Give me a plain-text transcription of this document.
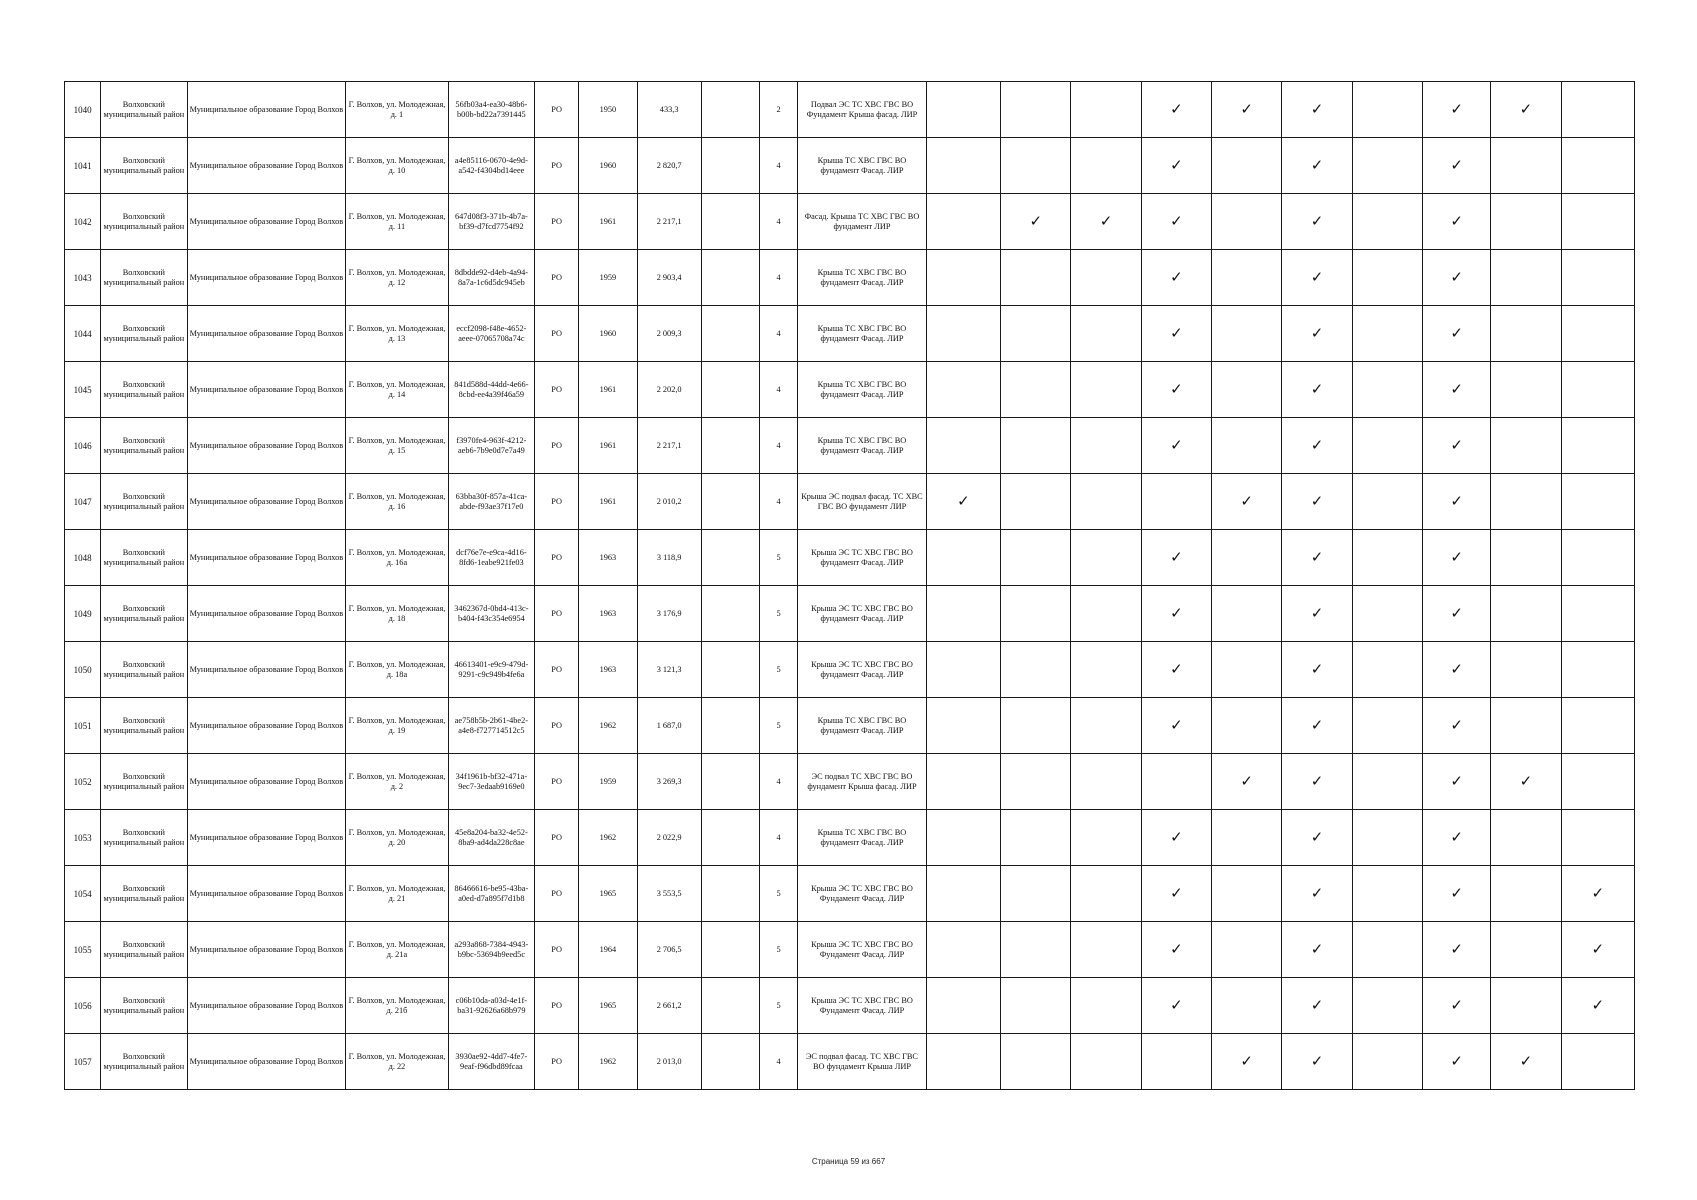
1040	Волховский муниципальный район	Муниципальное образование Город Волхов	Г. Волхов, ул. Молодежная, д. 1	56fb03a4-ea30-48b6-b00b-bd22a7391445	РО	1950	433,3		2	Подвал ЭС ТС ХВС ГВС ВО Фундамент Крыша фасад. ЛИР				✓	✓	✓		✓	✓	
1041	Волховский муниципальный район	Муниципальное образование Город Волхов	Г. Волхов, ул. Молодежная, д. 10	a4e85116-0670-4e9d-a542-f4304bd14eee	РО	1960	2 820,7		4	Крыша ТС ХВС ГВС ВО фундамент Фасад. ЛИР				✓		✓		✓		
1042	Волховский муниципальный район	Муниципальное образование Город Волхов	Г. Волхов, ул. Молодежная, д. 11	647d08f3-371b-4b7a-bf39-d7fcd7754f92	РО	1961	2 217,1		4	Фасад. Крыша ТС ХВС ГВС ВО фундамент ЛИР		✓	✓	✓		✓		✓		
1043	Волховский муниципальный район	Муниципальное образование Город Волхов	Г. Волхов, ул. Молодежная, д. 12	8dbdde92-d4eb-4a94-8a7a-1c6d5dc945eb	РО	1959	2 903,4		4	Крыша ТС ХВС ГВС ВО фундамент Фасад. ЛИР				✓		✓		✓		
1044	Волховский муниципальный район	Муниципальное образование Город Волхов	Г. Волхов, ул. Молодежная, д. 13	eccf2098-f48e-4652-aeee-07065708a74c	РО	1960	2 009,3		4	Крыша ТС ХВС ГВС ВО фундамент Фасад. ЛИР				✓		✓		✓		
1045	Волховский муниципальный район	Муниципальное образование Город Волхов	Г. Волхов, ул. Молодежная, д. 14	841d588d-44dd-4e66-8cbd-ee4a39f46a59	РО	1961	2 202,0		4	Крыша ТС ХВС ГВС ВО фундамент Фасад. ЛИР				✓		✓		✓		
1046	Волховский муниципальный район	Муниципальное образование Город Волхов	Г. Волхов, ул. Молодежная, д. 15	f3970fe4-963f-4212-aeb6-7b9e0d7e7a49	РО	1961	2 217,1		4	Крыша ТС ХВС ГВС ВО фундамент Фасад. ЛИР				✓		✓		✓		
1047	Волховский муниципальный район	Муниципальное образование Город Волхов	Г. Волхов, ул. Молодежная, д. 16	63bba30f-857a-41ca-abde-f93ae37f17e0	РО	1961	2 010,2		4	Крыша ЭС подвал фасад. ТС ХВС ГВС ВО фундамент ЛИР	✓				✓	✓		✓		
1048	Волховский муниципальный район	Муниципальное образование Город Волхов	Г. Волхов, ул. Молодежная, д. 16а	dcf76e7e-e9ca-4d16-8fd6-1eabe921fe03	РО	1963	3 118,9		5	Крыша ЭС ТС ХВС ГВС ВО фундамент Фасад. ЛИР				✓		✓		✓		
1049	Волховский муниципальный район	Муниципальное образование Город Волхов	Г. Волхов, ул. Молодежная, д. 18	3462367d-0bd4-413c-b404-f43c354e6954	РО	1963	3 176,9		5	Крыша ЭС ТС ХВС ГВС ВО фундамент Фасад. ЛИР				✓		✓		✓		
1050	Волховский муниципальный район	Муниципальное образование Город Волхов	Г. Волхов, ул. Молодежная, д. 18а	46613401-e9c9-479d-9291-c9c949b4fe6a	РО	1963	3 121,3		5	Крыша ЭС ТС ХВС ГВС ВО фундамент Фасад. ЛИР				✓		✓		✓		
1051	Волховский муниципальный район	Муниципальное образование Город Волхов	Г. Волхов, ул. Молодежная, д. 19	ae758b5b-2b61-4be2-a4e8-f727714512c5	РО	1962	1 687,0		5	Крыша ТС ХВС ГВС ВО фундамент Фасад. ЛИР				✓		✓		✓		
1052	Волховский муниципальный район	Муниципальное образование Город Волхов	Г. Волхов, ул. Молодежная, д. 2	34f1961b-bf32-471a-9ec7-3edaab9169e0	РО	1959	3 269,3		4	ЭС подвал ТС ХВС ГВС ВО фундамент Крыша фасад. ЛИР					✓	✓		✓	✓	
1053	Волховский муниципальный район	Муниципальное образование Город Волхов	Г. Волхов, ул. Молодежная, д. 20	45e8a204-ba32-4e52-8ba9-ad4da228c8ae	РО	1962	2 022,9		4	Крыша ТС ХВС ГВС ВО фундамент Фасад. ЛИР				✓		✓		✓		
1054	Волховский муниципальный район	Муниципальное образование Город Волхов	Г. Волхов, ул. Молодежная, д. 21	86466616-be95-43ba-a0ed-d7a895f7d1b8	РО	1965	3 553,5		5	Крыша ЭС ТС ХВС ГВС ВО Фундамент Фасад. ЛИР				✓		✓		✓		✓
1055	Волховский муниципальный район	Муниципальное образование Город Волхов	Г. Волхов, ул. Молодежная, д. 21а	a293a868-7384-4943-b9bc-53694b9eed5c	РО	1964	2 706,5		5	Крыша ЭС ТС ХВС ГВС ВО Фундамент Фасад. ЛИР				✓		✓		✓		✓
1056	Волховский муниципальный район	Муниципальное образование Город Волхов	Г. Волхов, ул. Молодежная, д. 21б	c06b10da-a03d-4e1f-ba31-92626a68b979	РО	1965	2 661,2		5	Крыша ЭС ТС ХВС ГВС ВО Фундамент Фасад. ЛИР				✓		✓		✓		✓
1057	Волховский муниципальный район	Муниципальное образование Город Волхов	Г. Волхов, ул. Молодежная, д. 22	3930ae92-4dd7-4fe7-9eaf-f96dbd89fcaa	РО	1962	2 013,0		4	ЭС подвал фасад. ТС ХВС ГВС ВО фундамент Крыша ЛИР					✓	✓		✓	✓	
Страница 59 из 667
